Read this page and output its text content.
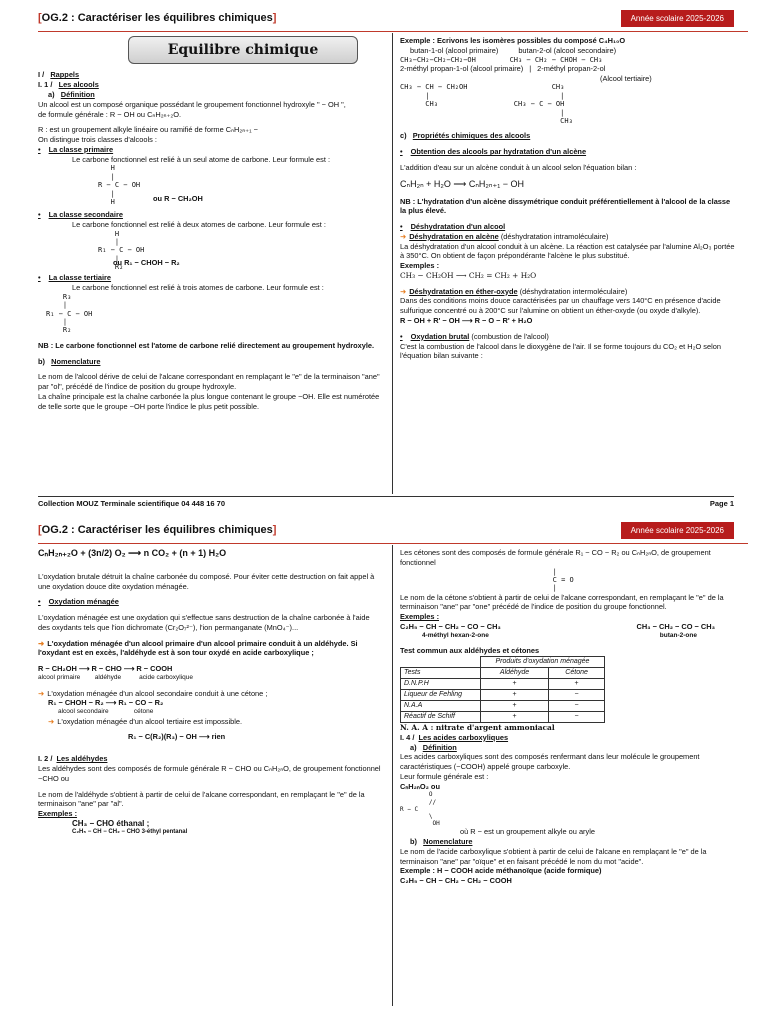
[OG.2 : Caractériser les équilibres chimiques]	Année scolaire 2025-2026
Equilibre chimique
I / Rappels
I. 1 / Les alcools
a) Définition
Un alcool est un composé organique possédant le groupement fonctionnel hydroxyle " − OH ",
de formule générale : R − OH ou CₙH₂ₙ₊₂O.
R : est un groupement alkyle linéaire ou ramifié de forme CₙH₂ₙ₊₁ −
On distingue trois classes d'alcools :
• La classe primaire
Le carbone fonctionnel est relié à un seul atome de carbone. Leur formule est :
H
|
R − C − OH
|
H	ou R − CH₂OH
• La classe secondaire
Le carbone fonctionnel est relié à deux atomes de carbone. Leur formule est :
H
|
R₁ − C − OH
|
R₂
ou R₁ − CHOH − R₂
• La classe tertiaire
Le carbone fonctionnel est relié à trois atomes de carbone. Leur formule est :
R₃
|
R₁ − C − OH
|
R₂
NB : Le carbone fonctionnel est l'atome de carbone relié directement au groupement hydroxyle.
b) Nomenclature
Le nom de l'alcool dérive de celui de l'alcane correspondant en remplaçant le "e" de la terminaison "ane" par "ol", précédé de l'indice de position du groupe hydroxyle.
La chaîne principale est la chaîne carbonée la plus longue contenant le groupe −OH. Elle est numérotée de telle sorte que le groupe −OH porte l'indice le plus petit possible.
Exemple : Ecrivons les isomères possibles du composé C₄H₁₀O
butan-1-ol (alcool primaire)	butan-2-ol (alcool secondaire)
CH₃−CH₂−CH₂−CH₂−OH        CH₃ − CH₂ − CHOH − CH₃
2-méthyl propan-1-ol (alcool primaire) | 2-méthyl propan-2-ol
(Alcool tertiaire)
CH₃ − CH − CH₂OH                    CH₃
|                               |
CH₃                  CH₃ − C − OH
|
CH₃
c) Propriétés chimiques des alcools
• Obtention des alcools par hydratation d'un alcène
L'addition d'eau sur un alcène conduit à un alcool selon l'équation bilan :
CₙH₂ₙ + H₂O ⟶ CₙH₂ₙ₊₁ − OH
NB : L'hydratation d'un alcène dissymétrique conduit préférentiellement à l'alcool de la classe la plus élevé.
• Déshydratation d'un alcool
➜ Déshydratation en alcène (déshydratation intramoléculaire)
La déshydratation d'un alcool conduit à un alcène. La réaction est catalysée par l'alumine Al₂O₃ portée à 350°C. On obtient de façon prépondérante l'alcène le plus substitué.
Exemples :
CH₃ − CH₂OH ⟶ CH₂ = CH₂ + H₂O
➜ Déshydratation en éther-oxyde (déshydratation intermoléculaire)
Dans des conditions moins douce caractérisées par un chauffage vers 140°C en présence d'acide sulfurique concentré ou à 200°C sur l'alumine on obtient un éther-oxyde (ou oxyde d'alkyle).
R − OH + R' − OH ⟶ R − O − R' + H₂O
• Oxydation brutal (combustion de l'alcool)
C'est la combustion de l'alcool dans le dioxygène de l'air. Il se forme toujours du CO₂ et H₂O selon l'équation bilan suivante :
Collection MOUZ Terminale scientifique 04 448 16 70	Page 1
[OG.2 : Caractériser les équilibres chimiques]	Année scolaire 2025-2026
CₙH₂ₙ₊₂O + (3n/2) O₂ ⟶ n CO₂ + (n + 1) H₂O
L'oxydation brutale détruit la chaîne carbonée du composé. Pour éviter cette destruction on fait appel à une oxydation douce dite oxydation ménagée.
• Oxydation ménagée
L'oxydation ménagée est une oxydation qui s'effectue sans destruction de la chaîne carbonée à l'aide des oxydants tels que l'ion dichromate (Cr₂O₇²⁻), l'ion permanganate (MnO₄⁻)...
➜ L'oxydation ménagée d'un alcool primaire d'un alcool primaire conduit à un aldéhyde. Si l'oxydant est en excès, l'aldéhyde est à son tour oxydé en acide carboxylique ;
R − CH₂OH ⟶ R − CHO ⟶ R − COOH
alcool primaire        aldéhyde          acide carboxylique
➜ L'oxydation ménagée d'un alcool secondaire conduit à une cétone ;
R₁ − CHOH − R₂ ⟶ R₁ − CO − R₂
alcool secondaire              cétone
➜ L'oxydation ménagée d'un alcool tertiaire est impossible.
R₁ − C(R₂)(R₃) − OH ⟶ rien
I. 2 / Les aldéhydes
Les aldéhydes sont des composés de formule générale R − CHO ou CₙH₂ₙO, de groupement fonctionnel −CHO ou
Le nom de l'aldéhyde s'obtient à partir de celui de l'alcane correspondant, en remplaçant le "e" de la terminaison "ane" par "al".
Exemples :
CH₃ − CHO éthanal ;
C₂H₅ − CH − CH₂ − CHO 3-éthyl pentanal
Les cétones sont des composés de formule générale R₁ − CO − R₂ ou CₙH₂ₙO, de groupement fonctionnel
|
C = O
|
Le nom de la cétone s'obtient à partir de celui de l'alcane correspondant, en remplaçant le "e" de la terminaison "ane" par "one" précédé de l'indice de position du groupe fonctionnel.
Exemples :
C₂H₅ − CH − CH₂ − CO − CH₃	CH₃ − CH₂ − CO − CH₃
4-méthyl hexan-2-one	butan-2-one
Test commun aux aldéhydes et cétones
	Produits d'oxydation ménagée	
Tests	Aldéhyde	Cétone
D.N.P.H	+	+
Liqueur de Fehling	+	−
N.A.A	+	−
Réactif de Schiff	+	−
N. A. A : nitrate d'argent ammoniacal
I. 4 / Les acides carboxyliques
a) Définition
Les acides carboxyliques sont des composés renfermant dans leur molécule le groupement caractéristiques (−COOH) appelé groupe carboxyle.
Leur formule générale est :
CₙH₂ₙO₂ ou
O
//
R − C
\
OH
où R − est un groupement alkyle ou aryle
b) Nomenclature
Le nom de l'acide carboxylique s'obtient à partir de celui de l'alcane en remplaçant le "e" de la terminaison "ane" par "oïque" et en faisant précédé le nom du mot "acide".
Exemple : H − COOH acide méthanoïque (acide formique)
C₂H₅ − CH − CH₂ − CH₂ − COOH
